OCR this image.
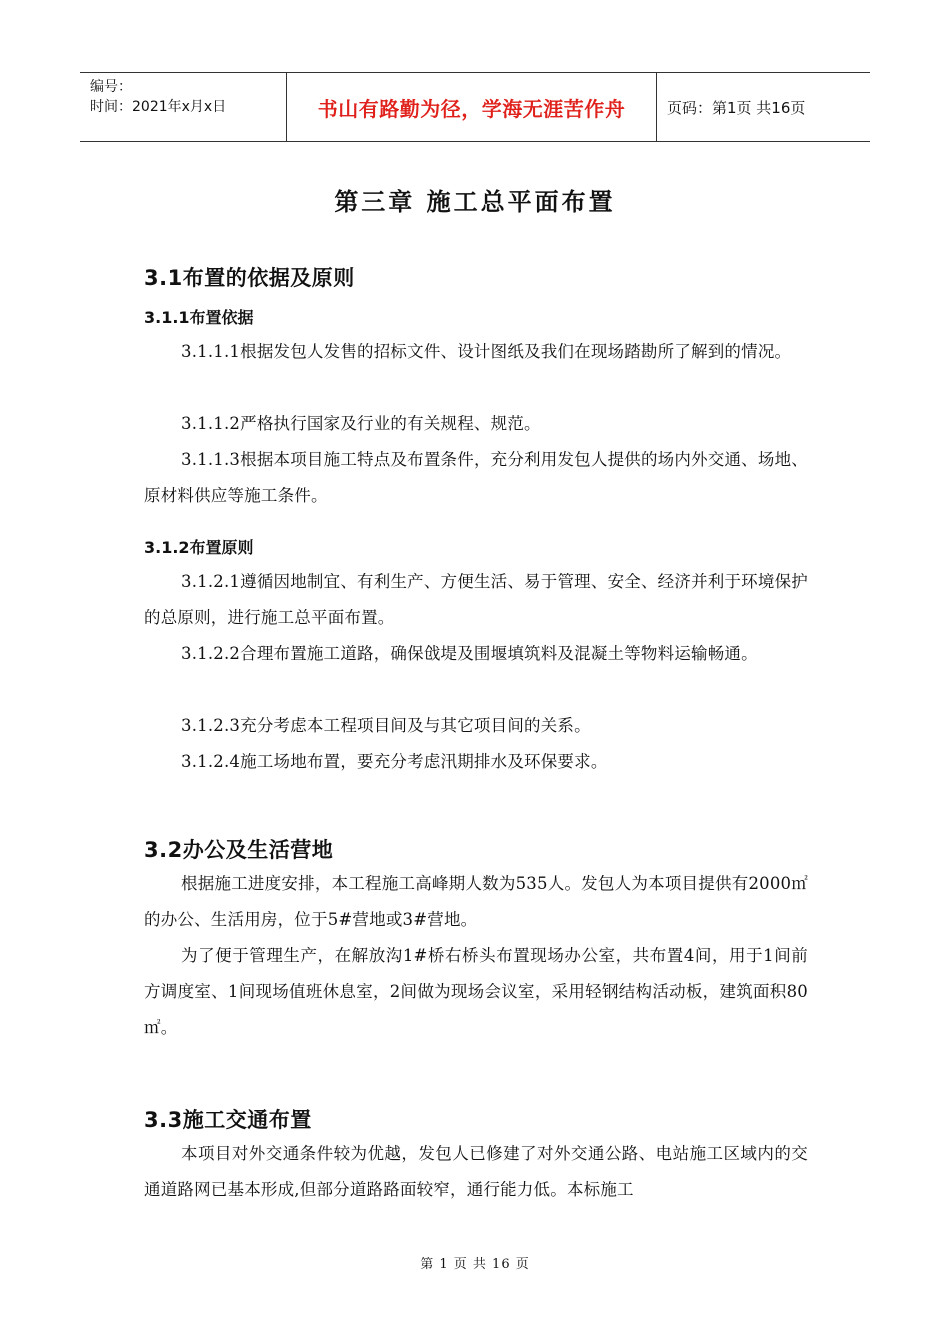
编号：
时间：2021年x月x日	书山有路勤为径，学海无涯苦作舟	页码：第1页 共16页
第三章 施工总平面布置
3.1布置的依据及原则
3.1.1布置依据

3.1.1.1根据发包人发售的招标文件、设计图纸及我们在现场踏勘所了解到的情况。

3.1.1.2严格执行国家及行业的有关规程、规范。

3.1.1.3根据本项目施工特点及布置条件，充分利用发包人提供的场内外交通、场地、原材料供应等施工条件。

3.1.2布置原则

3.1.2.1遵循因地制宜、有利生产、方便生活、易于管理、安全、经济并利于环境保护的总原则，进行施工总平面布置。

3.1.2.2合理布置施工道路，确保戗堤及围堰填筑料及混凝土等物料运输畅通。

3.1.2.3充分考虑本工程项目间及与其它项目间的关系。

3.1.2.4施工场地布置，要充分考虑汛期排水及环保要求。

3.2办公及生活营地

根据施工进度安排，本工程施工高峰期人数为535人。发包人为本项目提供有2000㎡的办公、生活用房，位于5#营地或3#营地。

为了便于管理生产，在解放沟1#桥右桥头布置现场办公室，共布置4间，用于1间前方调度室、1间现场值班休息室，2间做为现场会议室，采用轻钢结构活动板，建筑面积80㎡。

3.3施工交通布置

本项目对外交通条件较为优越，发包人已修建了对外交通公路、电站施工区域内的交通道路网已基本形成,但部分道路路面较窄，通行能力低。本标施工

第 1 页 共 16 页
